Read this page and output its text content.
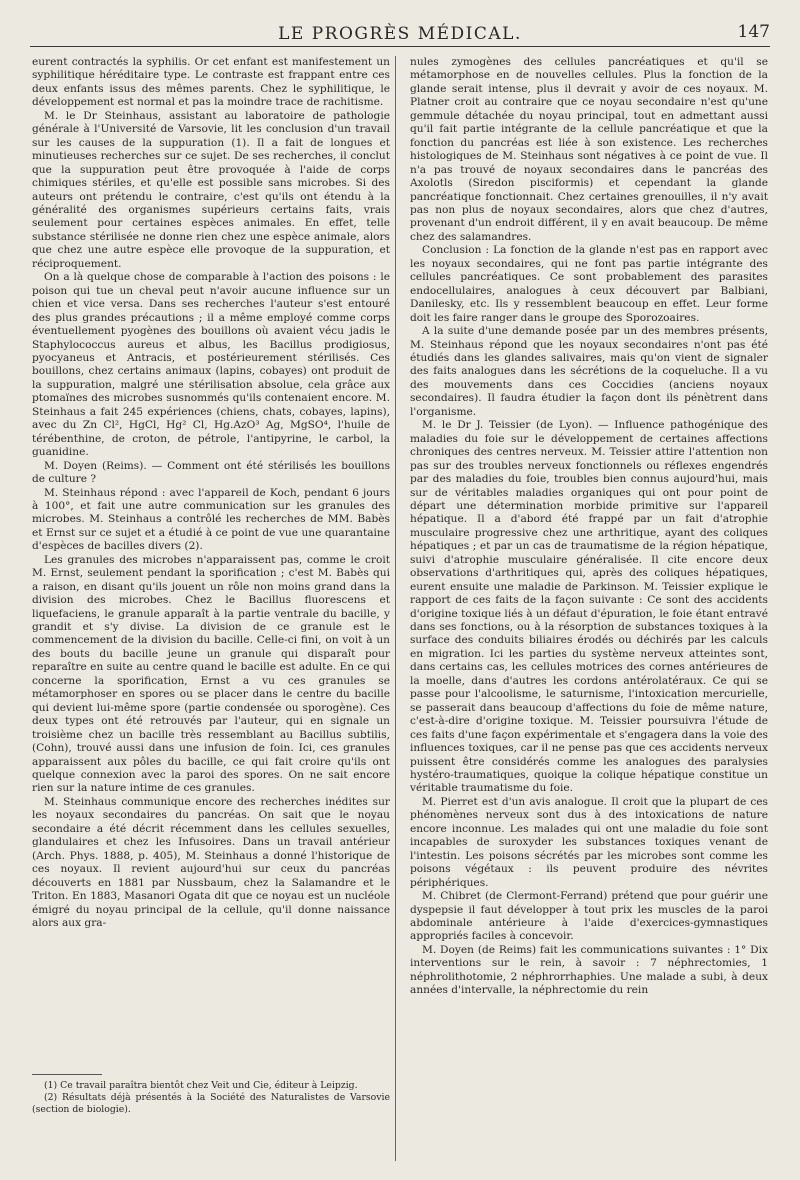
LE PROGRÈS MÉDICAL.	147

eurent contractés la syphilis. Or cet enfant est manifestement un syphilitique héréditaire type. Le contraste est frappant entre ces deux enfants issus des mêmes parents. Chez le syphilitique, le développement est normal et pas la moindre trace de rachitisme.

M. le Dr Steinhaus, assistant au laboratoire de pathologie générale à l'Université de Varsovie, lit les conclusion d'un travail sur les causes de la suppuration (1). Il a fait de longues et minutieuses recherches sur ce sujet. De ses recherches, il conclut que la suppuration peut être provoquée à l'aide de corps chimiques stériles, et qu'elle est possible sans microbes. Si des auteurs ont prétendu le contraire, c'est qu'ils ont étendu à la généralité des organismes supérieurs certains faits, vrais seulement pour certaines espèces animales. En effet, telle substance stérilisée ne donne rien chez une espèce animale, alors que chez une autre espèce elle provoque de la suppuration, et réciproquement.

On a là quelque chose de comparable à l'action des poisons : le poison qui tue un cheval peut n'avoir aucune influence sur un chien et vice versa. Dans ses recherches l'auteur s'est entouré des plus grandes précautions ; il a même employé comme corps éventuellement pyogènes des bouillons où avaient vécu jadis le Staphylococcus aureus et albus, les Bacillus prodigiosus, pyocyaneus et Antracis, et postérieurement stérilisés. Ces bouillons, chez certains animaux (lapins, cobayes) ont produit de la suppuration, malgré une stérilisation absolue, cela grâce aux ptomaïnes des microbes susnommés qu'ils contenaient encore. M. Steinhaus a fait 245 expériences (chiens, chats, cobayes, lapins), avec du Zn Cl², HgCl, Hg² Cl, Hg.AzO³ Ag, MgSO⁴, l'huile de térébenthine, de croton, de pétrole, l'antipyrine, le carbol, la guanidine.

M. Doyen (Reims). — Comment ont été stérilisés les bouillons de culture ?

M. Steinhaus répond : avec l'appareil de Koch, pendant 6 jours à 100°, et fait une autre communication sur les granules des microbes. M. Steinhaus a contrôlé les recherches de MM. Babès et Ernst sur ce sujet et a étudié à ce point de vue une quarantaine d'espèces de bacilles divers (2).

Les granules des microbes n'apparaissent pas, comme le croit M. Ernst, seulement pendant la sporification ; c'est M. Babès qui a raison, en disant qu'ils jouent un rôle non moins grand dans la division des microbes. Chez le Bacillus fluorescens et liquefaciens, le granule apparaît à la partie ventrale du bacille, y grandit et s'y divise. La division de ce granule est le commencement de la division du bacille. Celle-ci fini, on voit à un des bouts du bacille jeune un granule qui disparaît pour reparaître en suite au centre quand le bacille est adulte. En ce qui concerne la sporification, Ernst a vu ces granules se métamorphoser en spores ou se placer dans le centre du bacille qui devient lui-même spore (partie condensée ou sporogène). Ces deux types ont été retrouvés par l'auteur, qui en signale un troisième chez un bacille très ressemblant au Bacillus subtilis, (Cohn), trouvé aussi dans une infusion de foin. Ici, ces granules apparaissent aux pôles du bacille, ce qui fait croire qu'ils ont quelque connexion avec la paroi des spores. On ne sait encore rien sur la nature intime de ces granules.

M. Steinhaus communique encore des recherches inédites sur les noyaux secondaires du pancréas. On sait que le noyau secondaire a été décrit récemment dans les cellules sexuelles, glandulaires et chez les Infusoires. Dans un travail antérieur (Arch. Phys. 1888, p. 405), M. Steinhaus a donné l'historique de ces noyaux. Il revient aujourd'hui sur ceux du pancréas découverts en 1881 par Nussbaum, chez la Salamandre et le Triton. En 1883, Masanori Ogata dit que ce noyau est un nucléole émigré du noyau principal de la cellule, qu'il donne naissance alors aux gra-

(1) Ce travail paraîtra bientôt chez Veit und Cie, éditeur à Leipzig.

(2) Résultats déjà présentés à la Société des Naturalistes de Varsovie (section de biologie).

nules zymogènes des cellules pancréatiques et qu'il se métamorphose en de nouvelles cellules. Plus la fonction de la glande serait intense, plus il devrait y avoir de ces noyaux. M. Platner croit au contraire que ce noyau secondaire n'est qu'une gemmule détachée du noyau principal, tout en admettant aussi qu'il fait partie intégrante de la cellule pancréatique et que la fonction du pancréas est liée à son existence. Les recherches histologiques de M. Steinhaus sont négatives à ce point de vue. Il n'a pas trouvé de noyaux secondaires dans le pancréas des Axolotls (Siredon pisciformis) et cependant la glande pancréatique fonctionnait. Chez certaines grenouilles, il n'y avait pas non plus de noyaux secondaires, alors que chez d'autres, provenant d'un endroit différent, il y en avait beaucoup. De même chez des salamandres.

Conclusion : La fonction de la glande n'est pas en rapport avec les noyaux secondaires, qui ne font pas partie intégrante des cellules pancréatiques. Ce sont probablement des parasites endocellulaires, analogues à ceux découvert par Balbiani, Danilesky, etc. Ils y ressemblent beaucoup en effet. Leur forme doit les faire ranger dans le groupe des Sporozoaires.

A la suite d'une demande posée par un des membres présents, M. Steinhaus répond que les noyaux secondaires n'ont pas été étudiés dans les glandes salivaires, mais qu'on vient de signaler des faits analogues dans les sécrétions de la coqueluche. Il a vu des mouvements dans ces Coccidies (anciens noyaux secondaires). Il faudra étudier la façon dont ils pénètrent dans l'organisme.

M. le Dr J. Teissier (de Lyon). — Influence pathogénique des maladies du foie sur le développement de certaines affections chroniques des centres nerveux. M. Teissier attire l'attention non pas sur des troubles nerveux fonctionnels ou réflexes engendrés par des maladies du foie, troubles bien connus aujourd'hui, mais sur de véritables maladies organiques qui ont pour point de départ une détermination morbide primitive sur l'appareil hépatique. Il a d'abord été frappé par un fait d'atrophie musculaire progressive chez une arthritique, ayant des coliques hépatiques ; et par un cas de traumatisme de la région hépatique, suivi d'atrophie musculaire généralisée. Il cite encore deux observations d'arthritiques qui, après des coliques hépatiques, eurent ensuite une maladie de Parkinson. M. Teissier explique le rapport de ces faits de la façon suivante : Ce sont des accidents d'origine toxique liés à un défaut d'épuration, le foie étant entravé dans ses fonctions, ou à la résorption de substances toxiques à la surface des conduits biliaires érodés ou déchirés par les calculs en migration. Ici les parties du système nerveux atteintes sont, dans certains cas, les cellules motrices des cornes antérieures de la moelle, dans d'autres les cordons antérolatéraux. Ce qui se passe pour l'alcoolisme, le saturnisme, l'intoxication mercurielle, se passerait dans beaucoup d'affections du foie de même nature, c'est-à-dire d'origine toxique. M. Teissier poursuivra l'étude de ces faits d'une façon expérimentale et s'engagera dans la voie des influences toxiques, car il ne pense pas que ces accidents nerveux puissent être considérés comme les analogues des paralysies hystéro-traumatiques, quoique la colique hépatique constitue un véritable traumatisme du foie.

M. Pierret est d'un avis analogue. Il croit que la plupart de ces phénomènes nerveux sont dus à des intoxications de nature encore inconnue. Les malades qui ont une maladie du foie sont incapables de suroxyder les substances toxiques venant de l'intestin. Les poisons sécrétés par les microbes sont comme les poisons végétaux : ils peuvent produire des névrites périphériques.

M. Chibret (de Clermont-Ferrand) prétend que pour guérir une dyspepsie il faut développer à tout prix les muscles de la paroi abdominale antérieure à l'aide d'exercices-gymnastiques appropriés faciles à concevoir.

M. Doyen (de Reims) fait les communications suivantes : 1° Dix interventions sur le rein, à savoir : 7 néphrectomies, 1 néphrolithotomie, 2 néphrorrhaphies. Une malade a subi, à deux années d'intervalle, la néphrectomie du rein
